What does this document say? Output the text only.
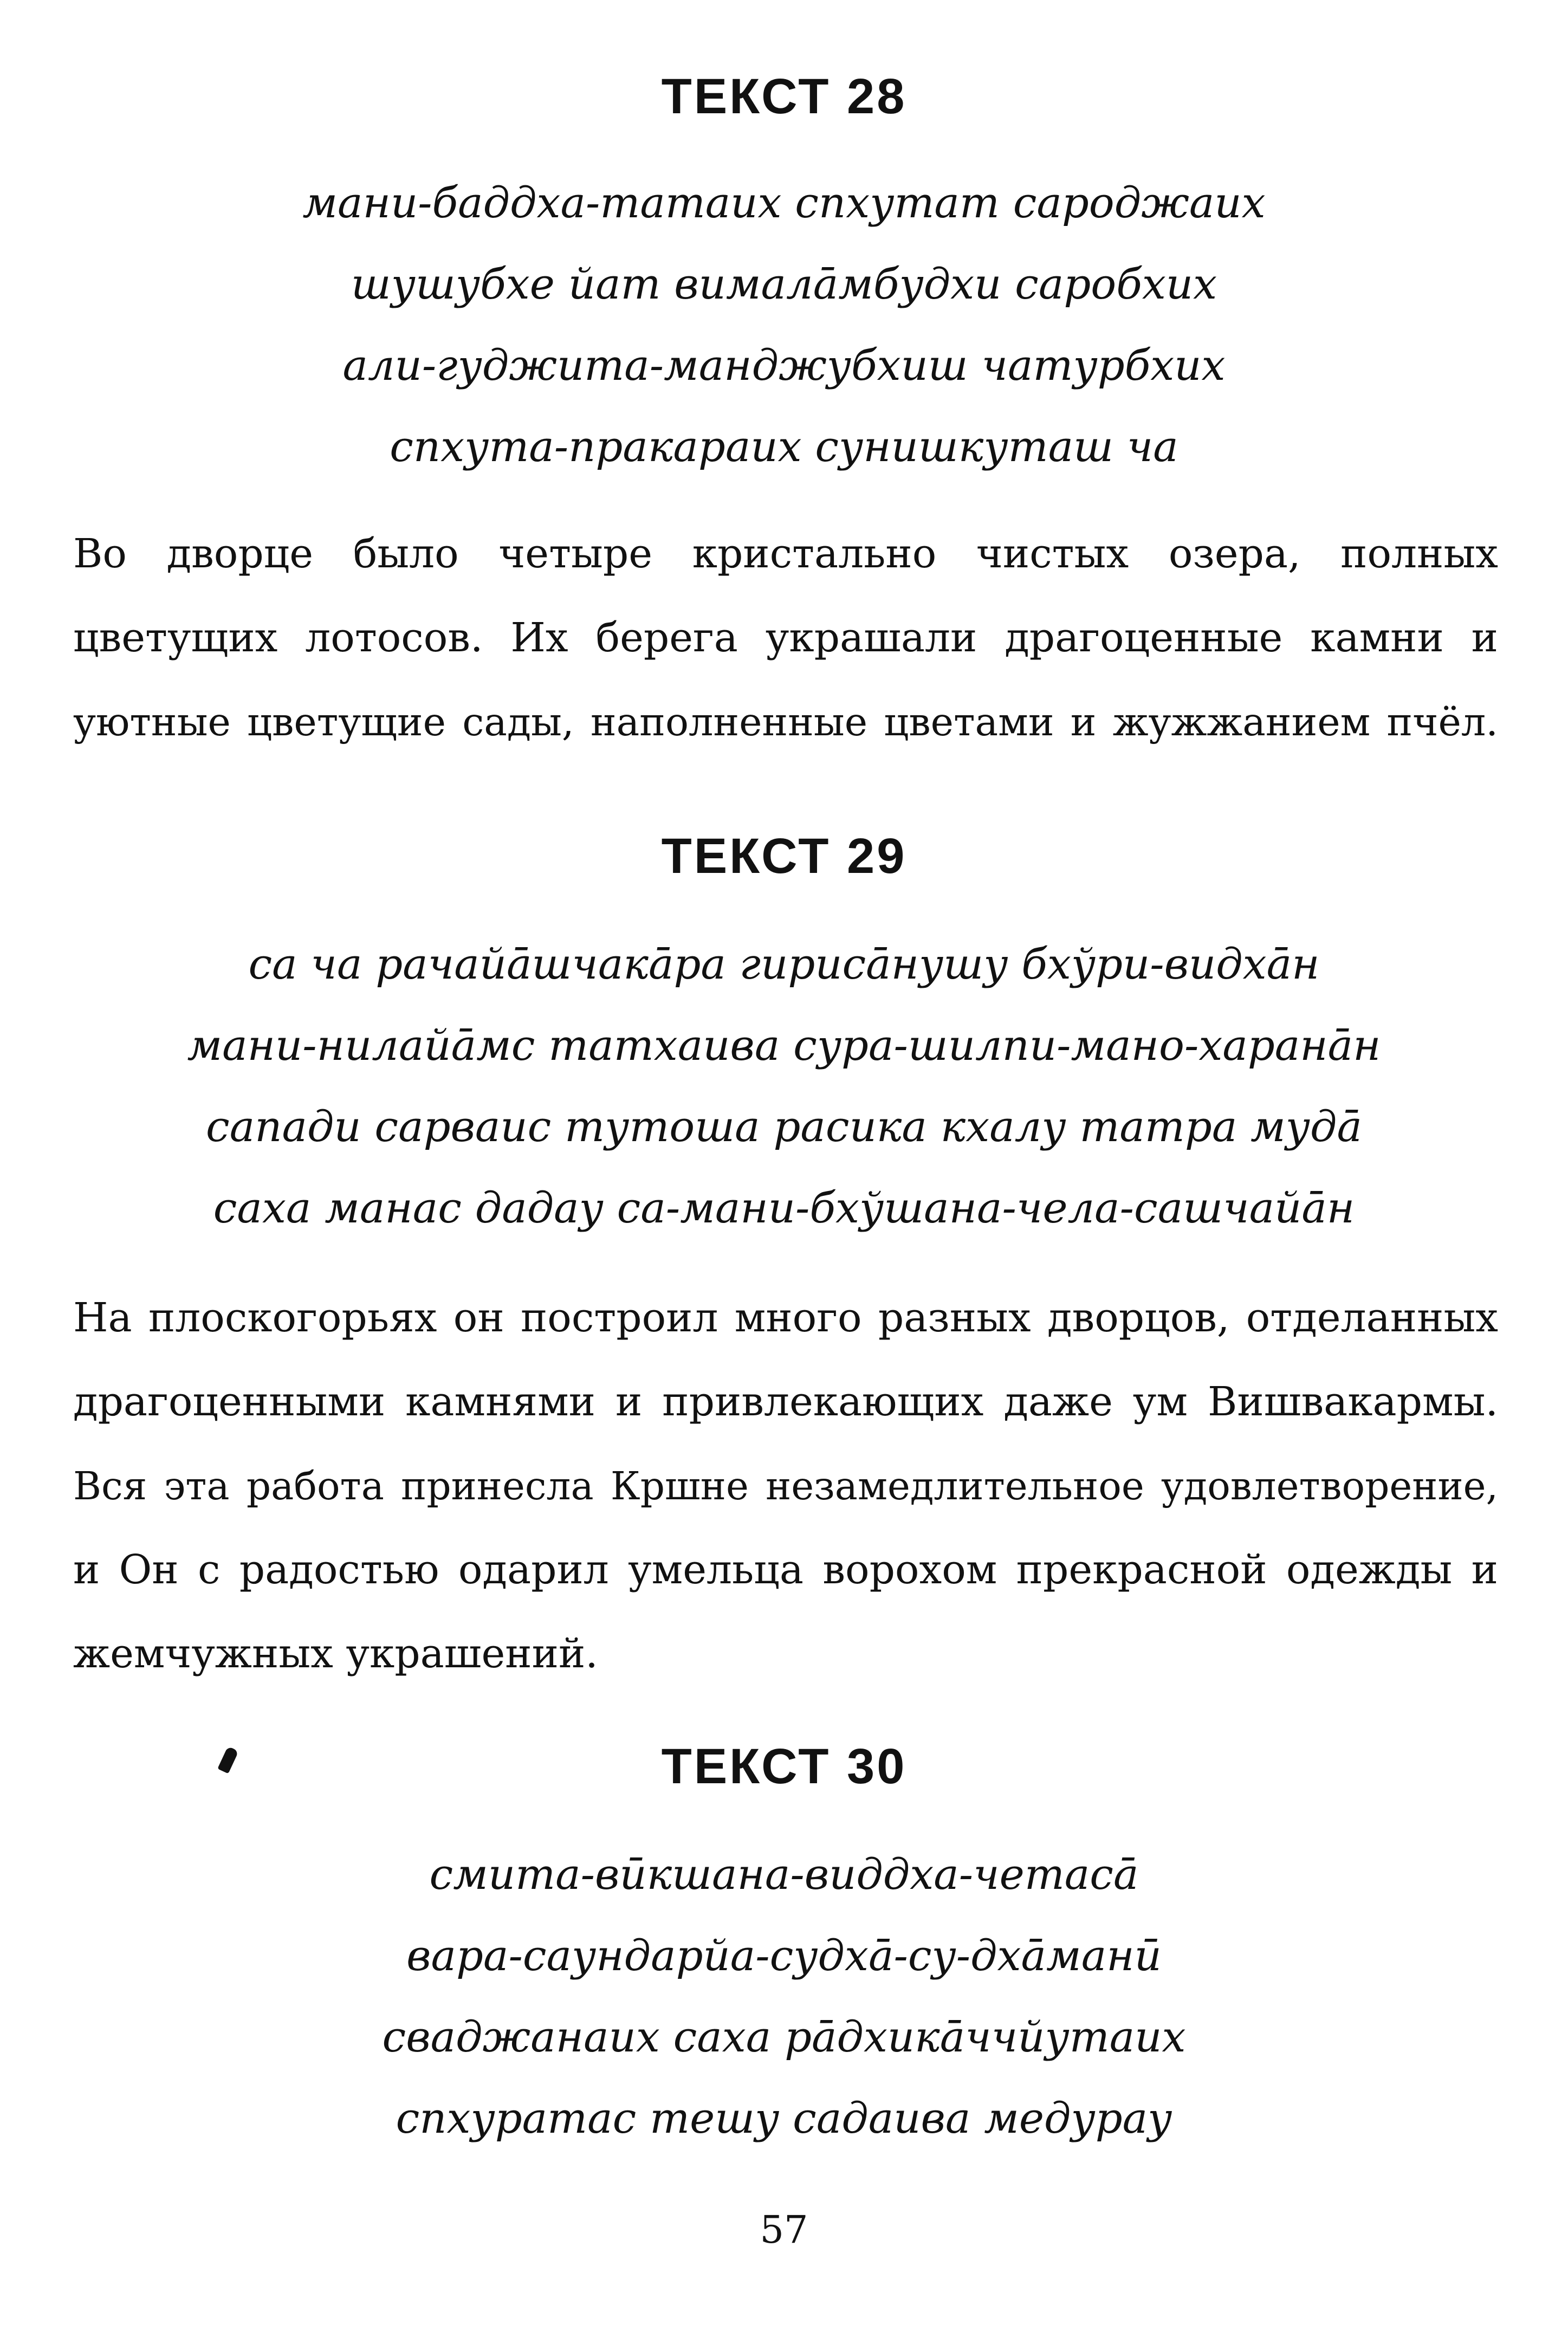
ТЕКСТ 28
мани-баддха-татаих спхутат сароджаих
шушубхе йат вималāмбудхи саробхих
али-гуджита-манджубхиш чатурбхих
спхута-пракараих сунишкуташ ча
Во дворце было четыре кристально чистых озера, полных
цветущих лотосов. Их берега украшали драгоценные камни и
уютные цветущие сады, наполненные цветами и жужжанием пчёл.
ТЕКСТ 29
са ча рачайāшчакāра гирисāнушу бхўри-видхāн
мани-нилайāмс татхаива сура-шилпи-мано-харанāн
сапади сарваис тутоша расика кхалу татра мудā
саха манас дадау са-мани-бхўшана-чела-сашчайāн
На плоскогорьях он построил много разных дворцов, отделанных
драгоценными камнями и привлекающих даже ум Вишвакармы.
Вся эта работа принесла Кршне незамедлительное удовлетворение,
и Он с радостью одарил умельца ворохом прекрасной одежды и
жемчужных украшений.
ТЕКСТ 30
смита-вūкшана-виддха-четасā
вара-саундарйа-судхā-су-дхāманū
сваджанаих саха рāдхикāччйутаих
спхуратас тешу садаива медурау
57
